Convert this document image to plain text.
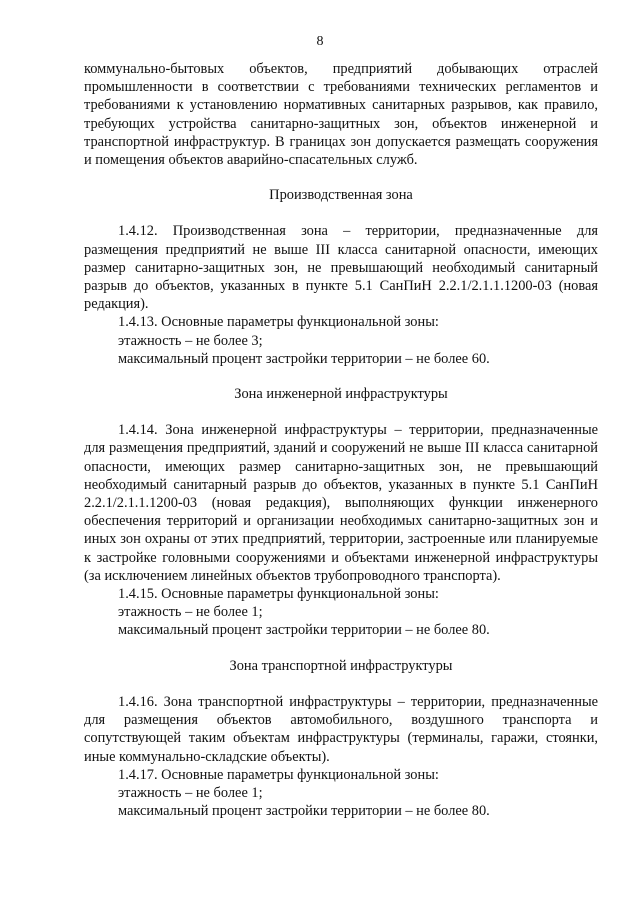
8

коммунально-бытовых объектов, предприятий добывающих отраслей промышленности в соответствии с требованиями технических регламентов и требованиями к установлению нормативных санитарных разрывов, как правило, требующих устройства санитарно-защитных зон, объектов инженерной и транспортной инфраструктур. В границах зон допускается размещать сооружения и помещения объектов аварийно-спасательных служб.

Производственная зона

1.4.12. Производственная зона – территории, предназначенные для размещения предприятий не выше III класса санитарной опасности, имеющих размер санитарно-защитных зон, не превышающий необходимый санитарный разрыв до объектов, указанных в пункте 5.1 СанПиН 2.2.1/2.1.1.1200-03 (новая редакция).

1.4.13. Основные параметры функциональной зоны:

этажность – не более 3;

максимальный процент застройки территории – не более 60.

Зона инженерной инфраструктуры

1.4.14. Зона инженерной инфраструктуры – территории, предназначенные для размещения предприятий, зданий и сооружений не выше III класса санитарной опасности, имеющих размер санитарно-защитных зон, не превышающий необходимый санитарный разрыв до объектов, указанных в пункте 5.1 СанПиН 2.2.1/2.1.1.1200-03 (новая редакция), выполняющих функции инженерного обеспечения территорий и организации необходимых санитарно-защитных зон и иных зон охраны от этих предприятий, территории, застроенные или планируемые к застройке головными сооружениями и объектами инженерной инфраструктуры (за исключением линейных объектов трубопроводного транспорта).

1.4.15. Основные параметры функциональной зоны:

этажность – не более 1;

максимальный процент застройки территории – не более 80.

Зона транспортной инфраструктуры

1.4.16. Зона транспортной инфраструктуры – территории, предназначенные для размещения объектов автомобильного, воздушного транспорта и сопутствующей таким объектам инфраструктуры (терминалы, гаражи, стоянки, иные коммунально-складские объекты).

1.4.17. Основные параметры функциональной зоны:

этажность – не более 1;

максимальный процент застройки территории – не более 80.
